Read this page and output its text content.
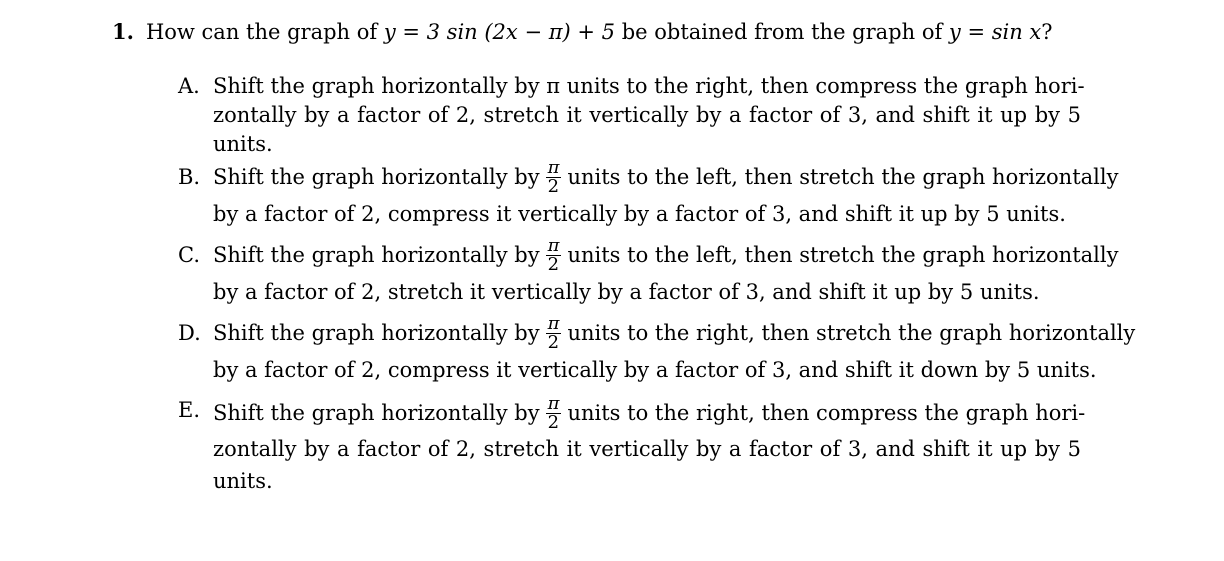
1. How can the graph of y = 3 sin (2x − π) + 5 be obtained from the graph of y = sin x?
A. Shift the graph horizontally by π units to the right, then compress the graph hori-
zontally by a factor of 2, stretch it vertically by a factor of 3, and shift it up by 5
units.
B. Shift the graph horizontally by $\frac{\pi}{2}$ units to the left, then stretch the graph horizontally
by a factor of 2, compress it vertically by a factor of 3, and shift it up by 5 units.
C. Shift the graph horizontally by $\frac{\pi}{2}$ units to the left, then stretch the graph horizontally
by a factor of 2, stretch it vertically by a factor of 3, and shift it up by 5 units.
D. Shift the graph horizontally by $\frac{\pi}{2}$ units to the right, then stretch the graph horizontally
by a factor of 2, compress it vertically by a factor of 3, and shift it down by 5 units.
E. Shift the graph horizontally by $\frac{\pi}{2}$ units to the right, then compress the graph hori-
zontally by a factor of 2, stretch it vertically by a factor of 3, and shift it up by 5
units.
